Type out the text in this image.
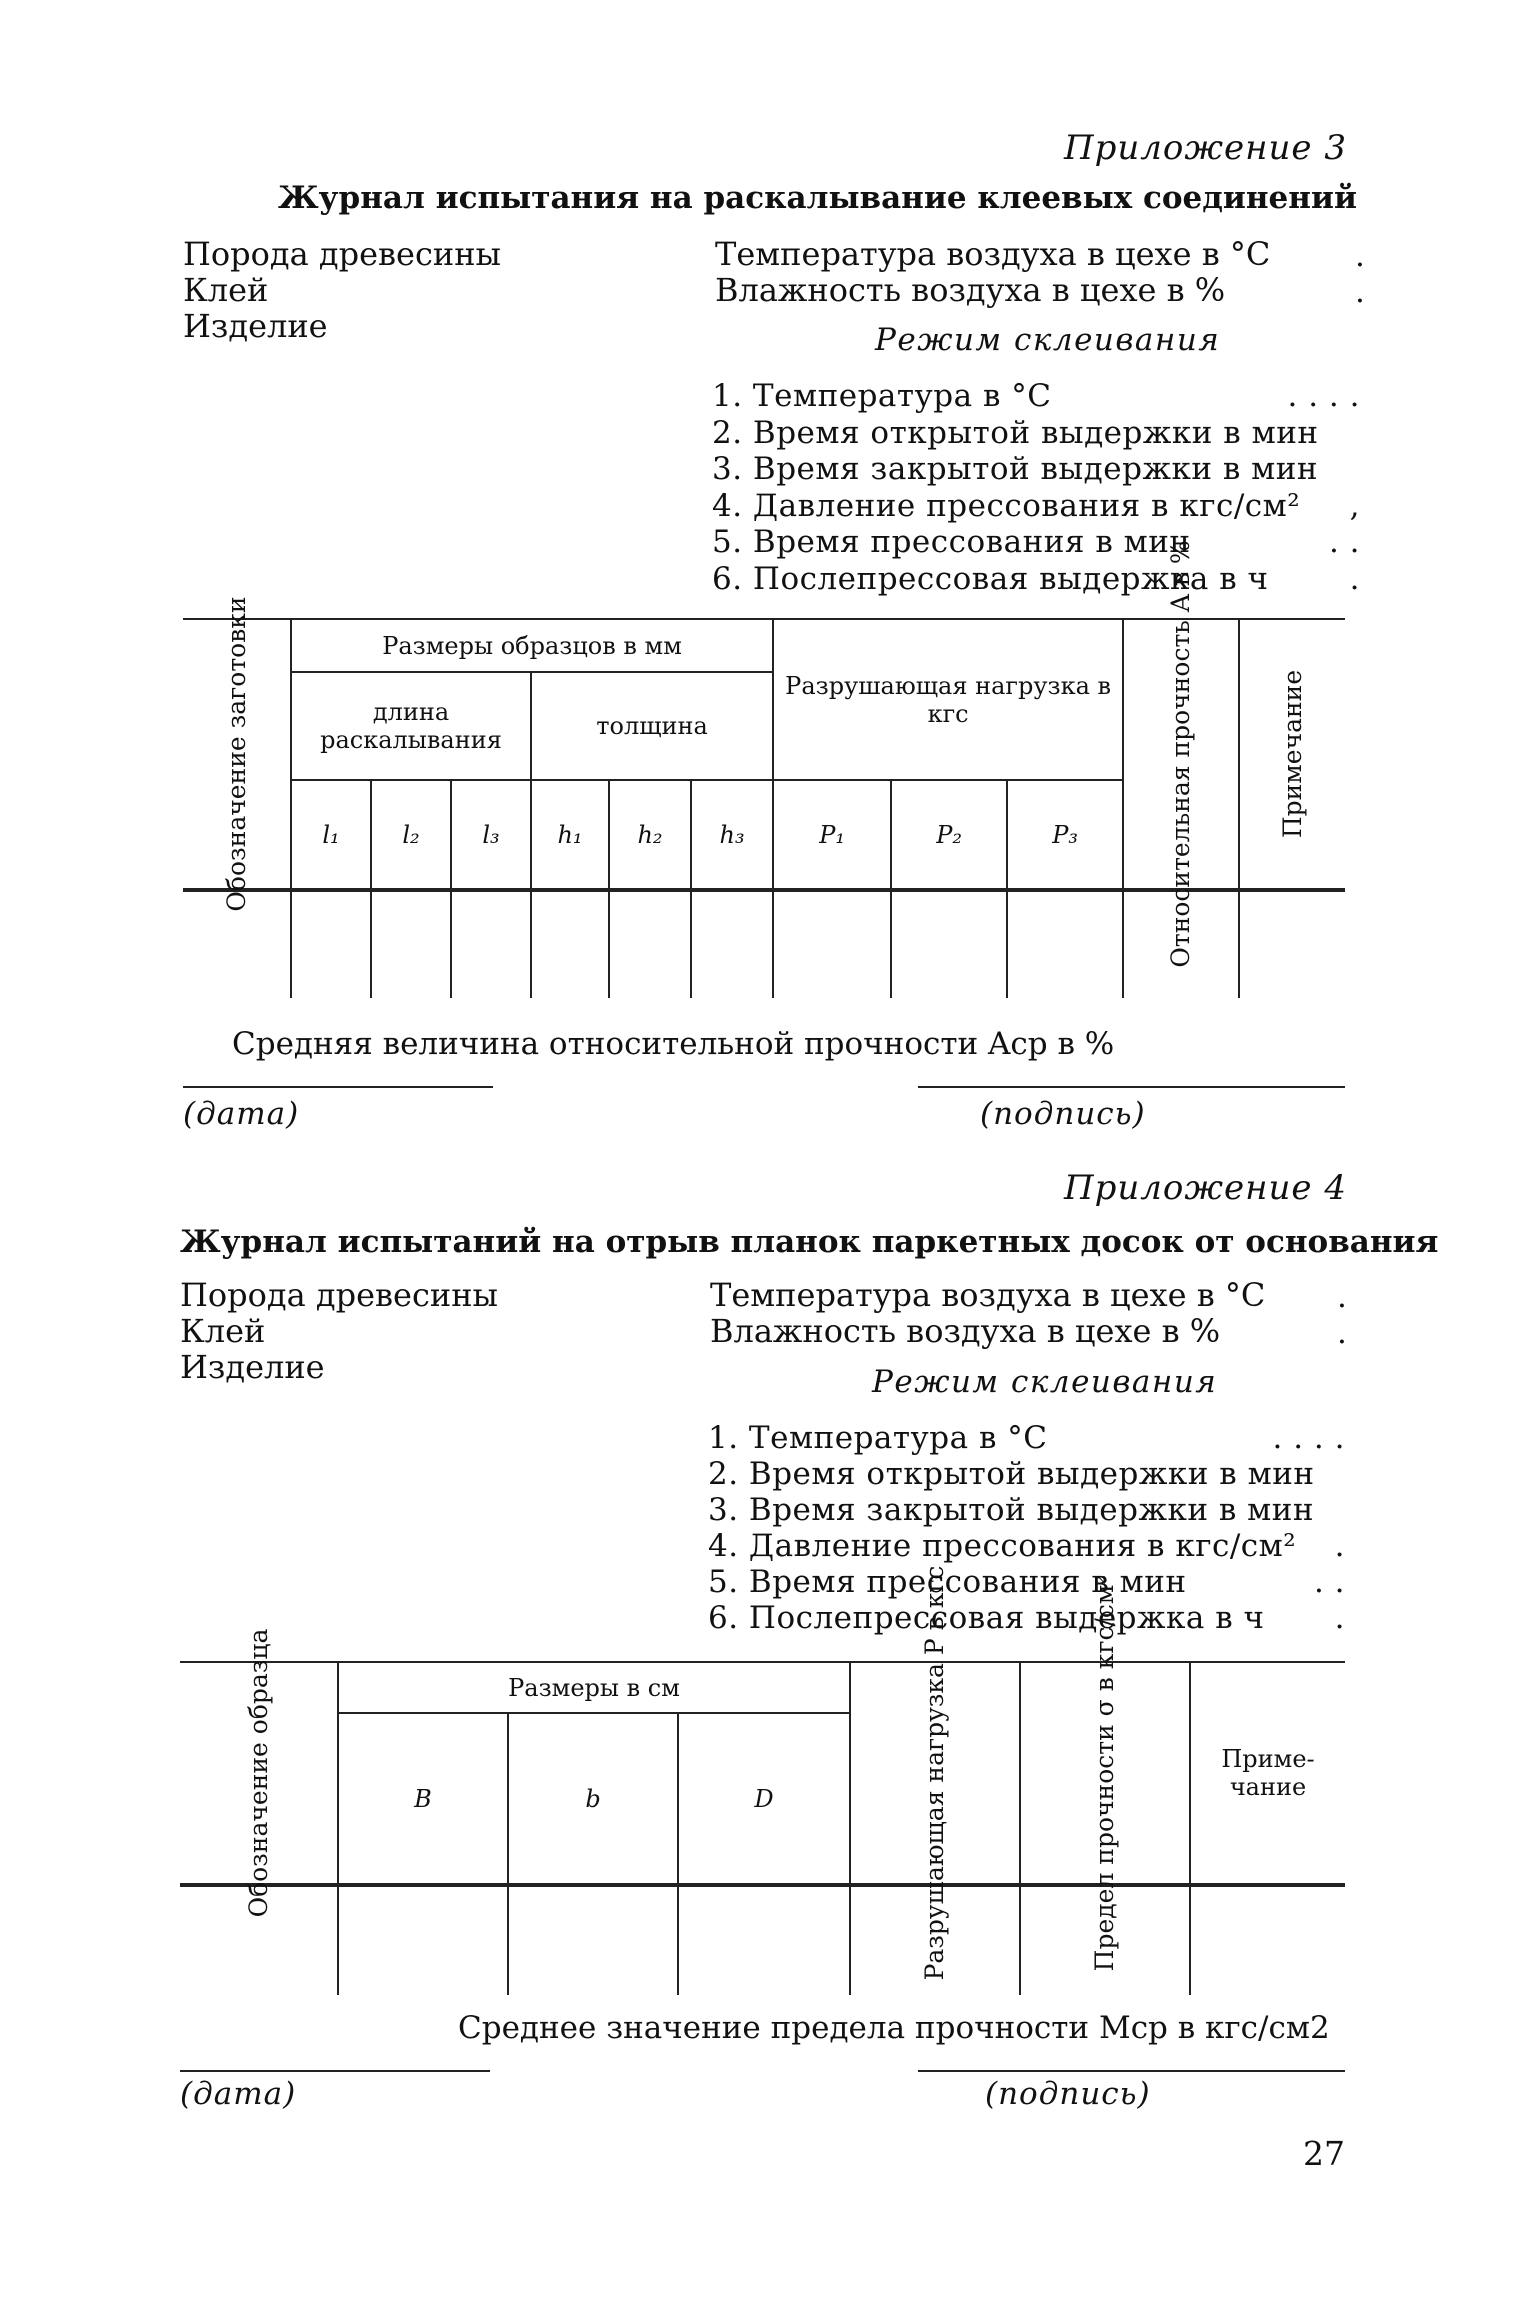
Приложение 3
Журнал испытания на раскалывание клеевых соединений
Порода древесины
Клей
Изделие
Температура воздуха в цехе в °C
Влажность воздуха в цехе в %
.
.
Режим склеивания
1. Температура в °C
2. Время открытой выдержки в мин
3. Время закрытой выдержки в мин
4. Давление прессования в кгс/см²
5. Время прессования в мин
6. Послепрессовая выдержка в ч
. . . .

,
. .
.
Обозначение заготовки	Размеры образцов в мм						Разрушающая нагрузка в кгс			Относительная прочность A в %	Примечание

	длина раскалывания			толщина							
	l₁	l₂	l₃	h₁	h₂	h₃	P₁	P₂	P₃		

Средняя величина относительной прочности Aср в %
(дата)	(подпись)
Приложение 4
Журнал испытаний на отрыв планок паркетных досок от основания
Порода древесины
Клей
Изделие
Температура воздуха в цехе в °C
Влажность воздуха в цехе в %
.
.
Режим склеивания
1. Температура в °C
2. Время открытой выдержки в мин
3. Время закрытой выдержки в мин
4. Давление прессования в кгс/см²
5. Время прессования в мин
6. Послепрессовая выдержка в ч
. . . .

.
. .
.
Обозначение образца	Размеры в см			Разрушающая нагрузка P в кгс	Предел прочности σ в кгс/см²	Приме-чание
	B	b	D			

Среднее значение предела прочности Mср в кгс/см2
(дата)	(подпись)
27
